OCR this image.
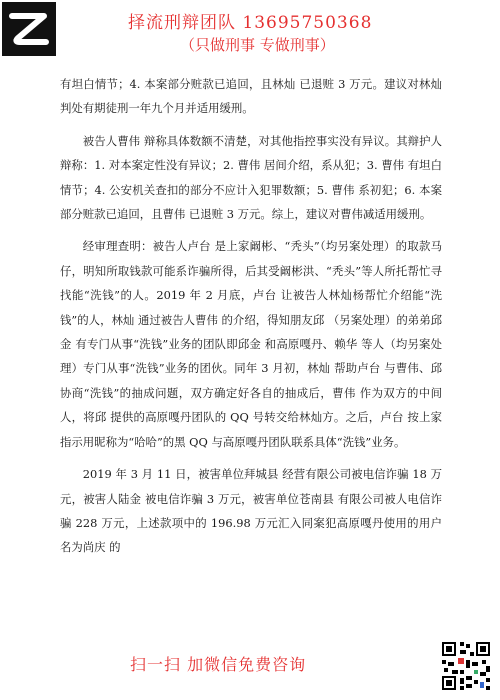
择流刑辩团队 13695750368
（只做刑事 专做刑事）

有坦白情节；4. 本案部分赃款已追回，且林灿 已退赃 3 万元。建议对林灿 判处有期徒刑一年九个月并适用缓刑。

被告人曹伟 辩称具体数额不清楚，对其他指控事实没有异议。其辩护人辩称：1. 对本案定性没有异议；2. 曹伟 居间介绍，系从犯；3. 曹伟 有坦白情节；4. 公安机关查扣的部分不应计入犯罪数额；5. 曹伟 系初犯；6. 本案部分赃款已追回，且曹伟 已退赃 3 万元。综上，建议对曹伟减适用缓刑。

经审理查明：被告人卢台 是上家阚彬、“秃头”（均另案处理）的取款马仔，明知所取钱款可能系诈骗所得，后其受阚彬洪、“秃头”等人所托帮忙寻找能“洗钱”的人。2019 年 2 月底，卢台 让被告人林灿杨帮忙介绍能“洗钱”的人，林灿 通过被告人曹伟 的介绍，得知朋友邱 （另案处理）的弟弟邱金 有专门从事“洗钱”业务的团队即邱金 和高原嘎丹、赖华 等人（均另案处理）专门从事“洗钱”业务的团伙。同年 3 月初，林灿 帮助卢台 与曹伟、邱 协商“洗钱”的抽成问题，双方确定好各自的抽成后，曹伟 作为双方的中间人，将邱 提供的高原嘎丹团队的 QQ 号转交给林灿方。之后，卢台 按上家指示用昵称为“哈哈”的黑 QQ 与高原嘎丹团队联系具体“洗钱”业务。

2019 年 3 月 11 日，被害单位拜城县 经营有限公司被电信诈骗 18 万元，被害人陆金 被电信诈骗 3 万元，被害单位苍南县 有限公司被人电信诈骗 228 万元，上述款项中的 196.98 万元汇入同案犯高原嘎丹使用的用户名为尚庆 的

扫一扫 加微信免费咨询
